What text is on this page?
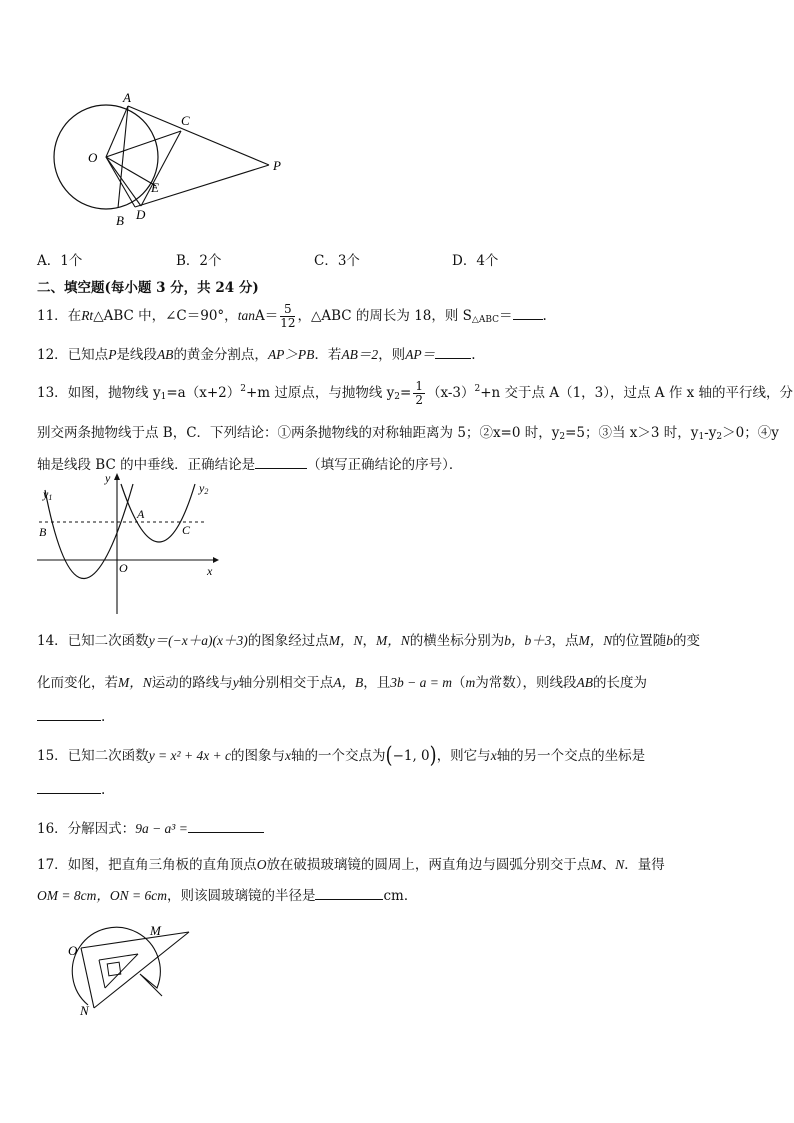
A
C
O
P
E
B D
A．1个	B．2个	C．3个	D．4个
二、填空题(每小题 3 分，共 24 分)
11．在Rt△ABC 中，∠C＝90°，$\tan A= \frac{5}{12}$ ，△ABC 的周长为 18，则 $S_{\triangle ABC}=$ .
12．已知点P是线段AB的黄金分割点，AP＞PB．若AB＝2，则AP＝	.
13．如图，抛物线 $y_1=a(x+2)^2+m$ 过原点，与抛物线 $y_2= \frac{1}{2} (x-3)^2+n$ 交于点 A（1，3），过点 A 作 x 轴的平行线，分
别交两条抛物线于点 B，C．下列结论：①两条抛物线的对称轴距离为 5；②x=0 时，$y_2=5$；③当 x＞3 时，$y_1-y_2>0$；④y
轴是线段 BC 的中垂线．正确结论是	（填写正确结论的序号）．
y1
y
y2
A
B	C
O	x
14．已知二次函数y＝(−x＋a)(x＋3)的图象经过点M，N，M，N的横坐标分别为b，b＋3，点M，N的位置随b的变
化而变化，若M，N运动的路线与y轴分别相交于点A，B，且3b − a = m（m为常数），则线段AB的长度为
.
15．已知二次函数y = x² + 4x + c的图象与x轴的一个交点为(−1, 0)，则它与x轴的另一个交点的坐标是
.
16．分解因式：9a − a³ =
17．如图，把直角三角板的直角顶点O放在破损玻璃镜的圆周上，两直角边与圆弧分别交于点M、N．量得
OM = 8cm，ON = 6cm，则该圆玻璃镜的半径是	cm．
O
M
N
